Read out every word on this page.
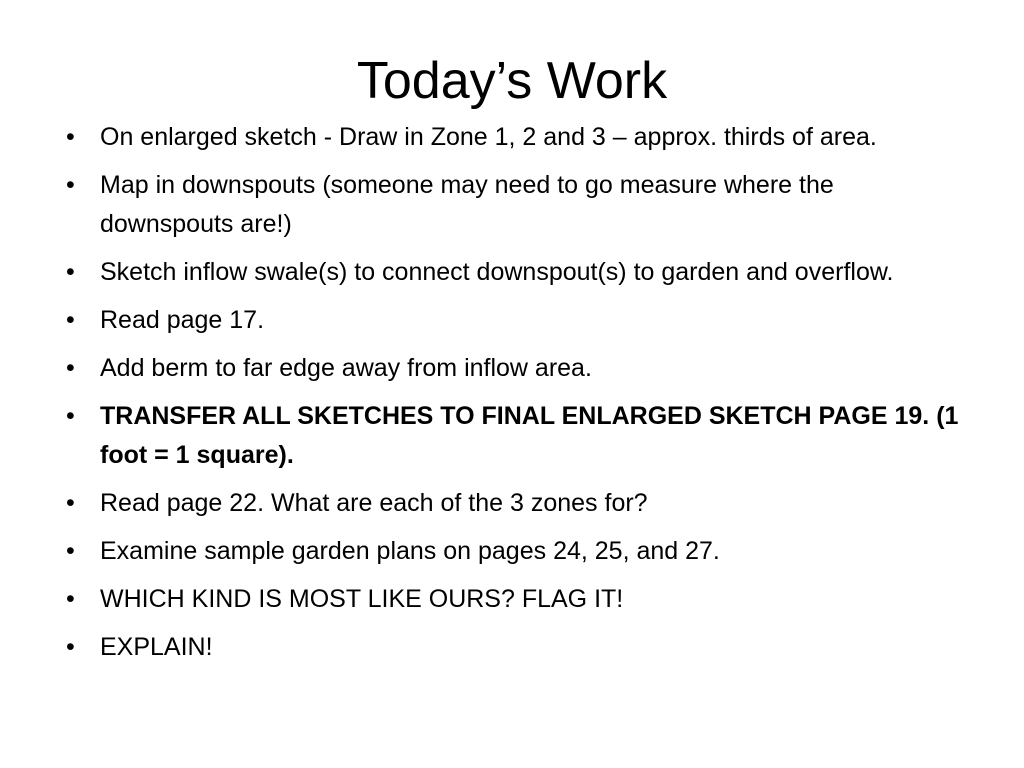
Today’s Work
•	On enlarged sketch - Draw in Zone 1, 2 and 3 – approx. thirds of area.
•	Map in downspouts (someone may need to go measure where the downspouts are!)
•	Sketch inflow swale(s) to connect downspout(s) to garden and overflow.
•	Read page 17.
•	Add berm to far edge away from inflow area.
•	TRANSFER ALL SKETCHES TO FINAL ENLARGED SKETCH PAGE 19. (1 foot = 1 square).
•	Read page 22. What are each of the 3 zones for?
•	Examine sample garden plans on pages 24, 25, and 27.
•	WHICH KIND IS MOST LIKE OURS? FLAG IT!
•	EXPLAIN!
